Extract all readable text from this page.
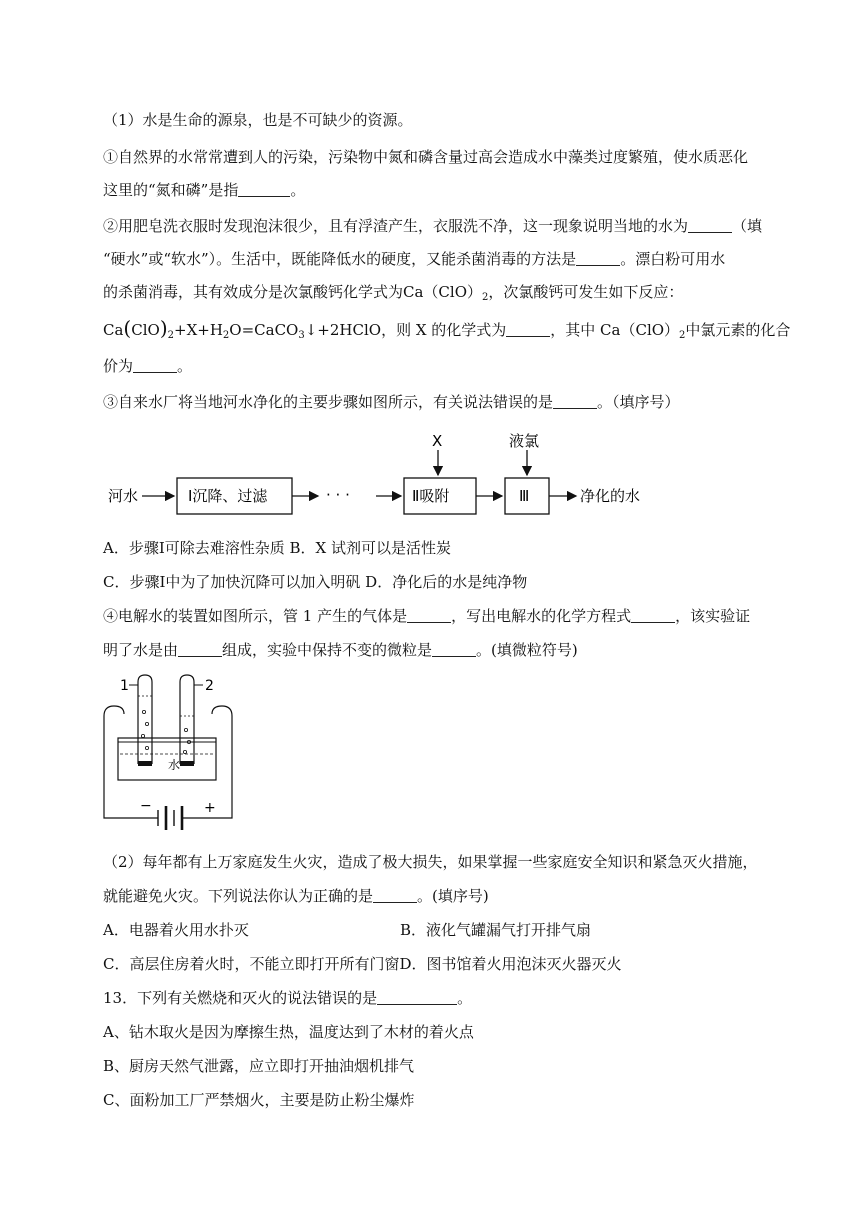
（1）水是生命的源泉，也是不可缺少的资源。
①自然界的水常常遭到人的污染，污染物中氮和磷含量过高会造成水中藻类过度繁殖，使水质恶化
这里的“氮和磷”是指	。
②用肥皂洗衣服时发现泡沫很少，且有浮渣产生，衣服洗不净，这一现象说明当地的水为	（填
“硬水”或“软水”）。生活中，既能降低水的硬度，又能杀菌消毒的方法是	。漂白粉可用水
的杀菌消毒，其有效成分是次氯酸钙化学式为$Ca(ClO)_2$，次氯酸钙可发生如下反应：
$Ca(ClO)_2+X+H_2O=CaCO_3↓+2HClO$，则 X 的化学式为	，其中 $Ca(ClO)_2$中氯元素的化合
价为	。
③自来水厂将当地河水净化的主要步骤如图所示，有关说法错误的是	。（填序号）
河水	Ⅰ沉降、过滤	· · ·	Ⅱ吸附
X
Ⅲ
液氯
净化的水
A．步骤Ⅰ可除去难溶性杂质 B．X 试剂可以是活性炭
C．步骤Ⅰ中为了加快沉降可以加入明矾 D．净化后的水是纯净物
④电解水的装置如图所示，管 1 产生的气体是	，写出电解水的化学方程式	，该实验证
明了水是由	组成，实验中保持不变的微粒是	。(填微粒符号)
−	+
水
1	2
（2）每年都有上万家庭发生火灾，造成了极大损失，如果掌握一些家庭安全知识和紧急灭火措施，
就能避免火灾。下列说法你认为正确的是	。(填序号)
A．电器着火用水扑灭	B．液化气罐漏气打开排气扇
C．高层住房着火时，不能立即打开所有门窗D．图书馆着火用泡沫灭火器灭火
13．下列有关燃烧和灭火的说法错误的是	。
A、钻木取火是因为摩擦生热，温度达到了木材的着火点
B、厨房天然气泄露，应立即打开抽油烟机排气
C、面粉加工厂严禁烟火，主要是防止粉尘爆炸
